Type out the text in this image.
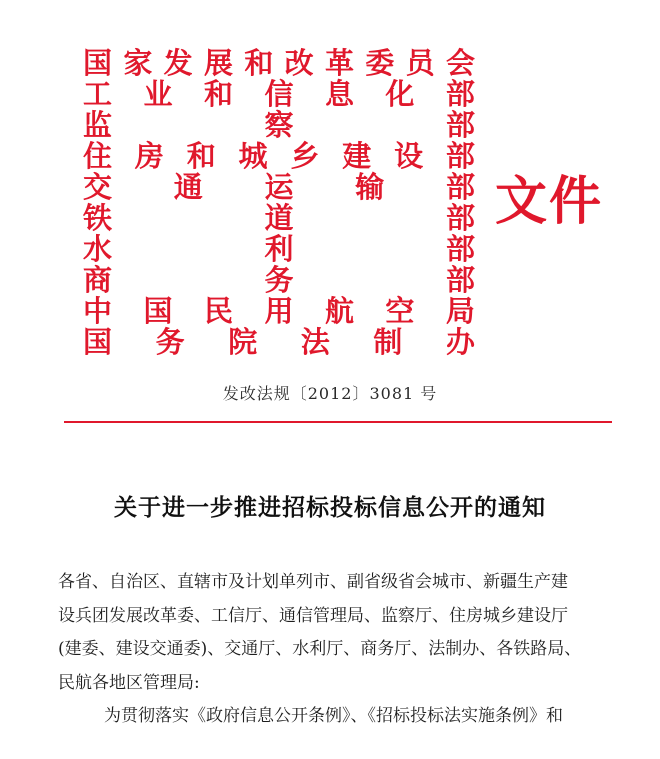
国 家 发 展 和 改 革 委 员 会
工 业 和 信 息 化 部
监	察	部
住 房 和 城 乡 建 设 部
交 通 运 输 部
铁	道	部
水	利	部
商	务	部
中 国 民 用 航 空 局
国 务 院 法 制 办
文件
发改法规〔2012〕3081 号
关于进一步推进招标投标信息公开的通知

各省、自治区、直辖市及计划单列市、副省级省会城市、新疆生产建

设兵团发展改革委、工信厅、通信管理局、监察厅、住房城乡建设厅

(建委、建设交通委)、交通厅、水利厅、商务厅、法制办、各铁路局、

民航各地区管理局:

为贯彻落实《政府信息公开条例》、《招标投标法实施条例》和
